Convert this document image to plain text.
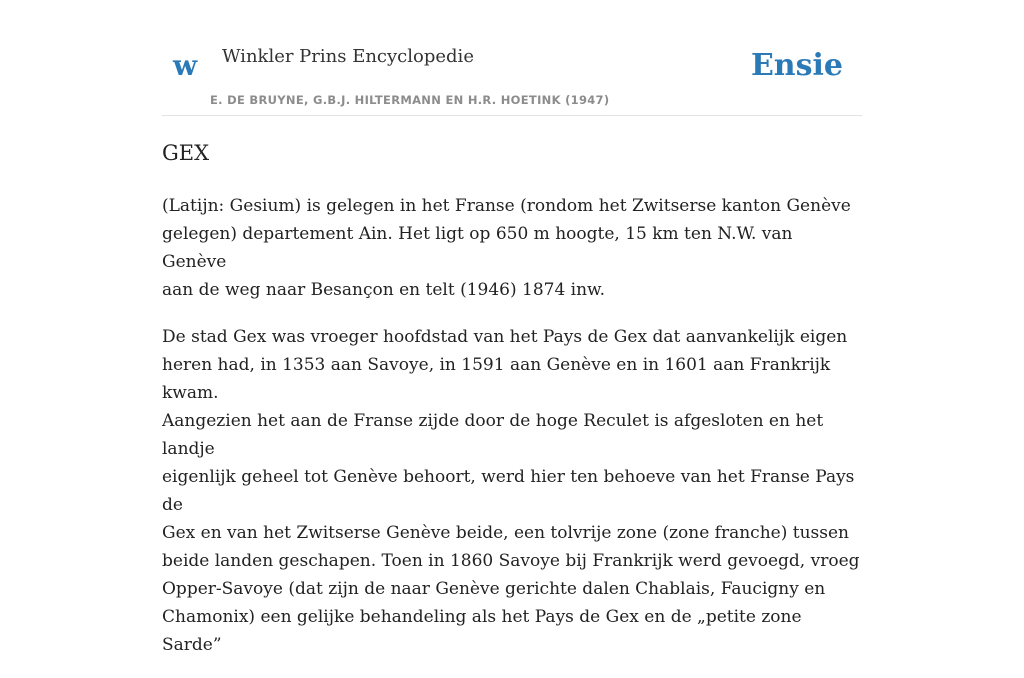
w Winkler Prins Encyclopedie
E. DE BRUYNE, G.B.J. HILTERMANN EN H.R. HOETINK (1947)
Ensie
GEX

(Latijn: Gesium) is gelegen in het Franse (rondom het Zwitserse kanton Genève
gelegen) departement Ain. Het ligt op 650 m hoogte, 15 km ten N.W. van Genève
aan de weg naar Besançon en telt (1946) 1874 inw.

De stad Gex was vroeger hoofdstad van het Pays de Gex dat aanvankelijk eigen
heren had, in 1353 aan Savoye, in 1591 aan Genève en in 1601 aan Frankrijk kwam.
Aangezien het aan de Franse zijde door de hoge Reculet is afgesloten en het landje
eigenlijk geheel tot Genève behoort, werd hier ten behoeve van het Franse Pays de
Gex en van het Zwitserse Genève beide, een tolvrije zone (zone franche) tussen
beide landen geschapen. Toen in 1860 Savoye bij Frankrijk werd gevoegd, vroeg
Opper-Savoye (dat zijn de naar Genève gerichte dalen Chablais, Faucigny en
Chamonix) een gelijke behandeling als het Pays de Gex en de „petite zone Sarde”
